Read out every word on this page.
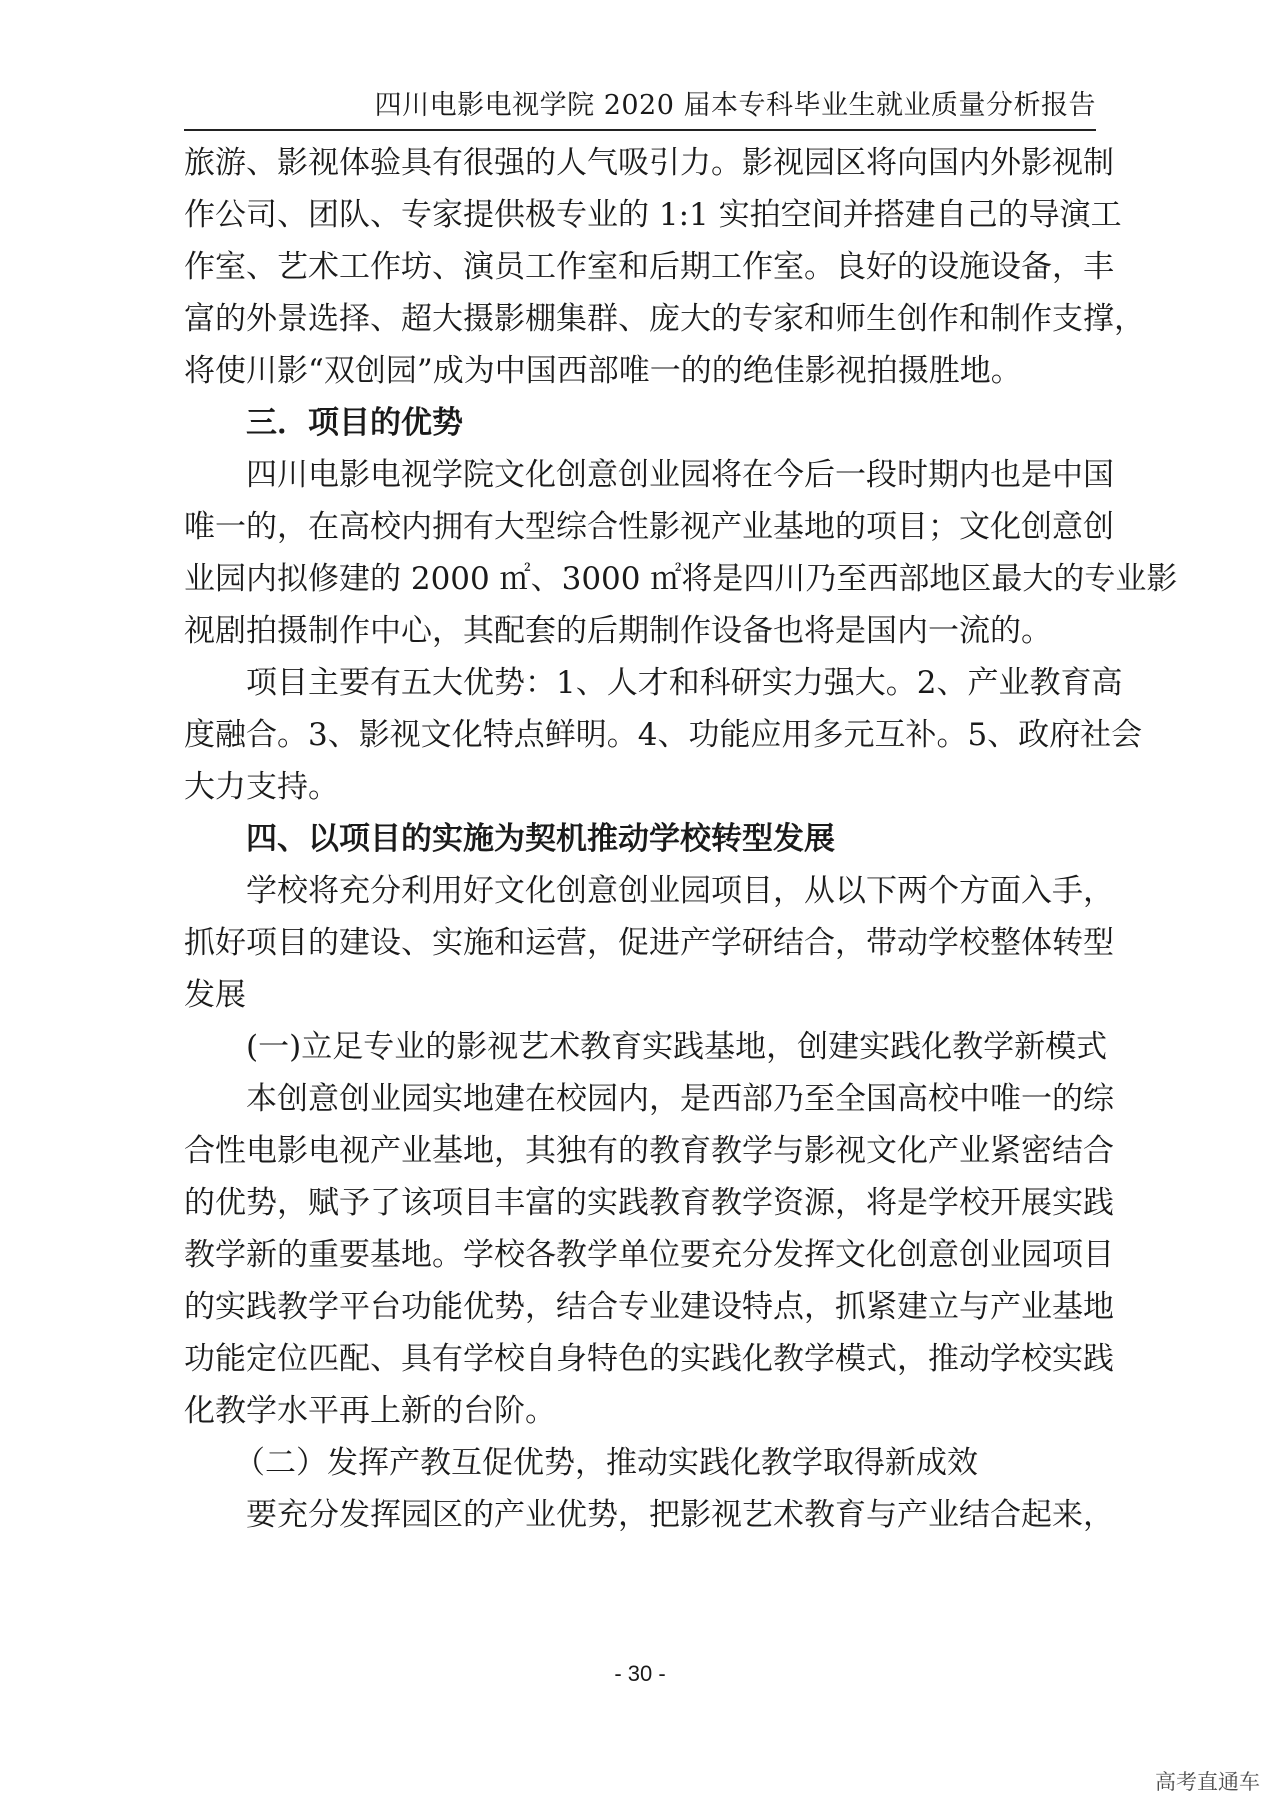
四川电影电视学院 2020 届本专科毕业生就业质量分析报告
旅游、影视体验具有很强的人气吸引力。影视园区将向国内外影视制
作公司、团队、专家提供极专业的 1:1 实拍空间并搭建自己的导演工
作室、艺术工作坊、演员工作室和后期工作室。良好的设施设备，丰
富的外景选择、超大摄影棚集群、庞大的专家和师生创作和制作支撑，
将使川影“双创园”成为中国西部唯一的的绝佳影视拍摄胜地。
三．项目的优势
四川电影电视学院文化创意创业园将在今后一段时期内也是中国
唯一的，在高校内拥有大型综合性影视产业基地的项目；文化创意创
业园内拟修建的 2000 ㎡、3000 ㎡将是四川乃至西部地区最大的专业影
视剧拍摄制作中心，其配套的后期制作设备也将是国内一流的。
项目主要有五大优势：1、人才和科研实力强大。2、产业教育高
度融合。3、影视文化特点鲜明。4、功能应用多元互补。5、政府社会
大力支持。
四、以项目的实施为契机推动学校转型发展
学校将充分利用好文化创意创业园项目，从以下两个方面入手，
抓好项目的建设、实施和运营，促进产学研结合，带动学校整体转型
发展
(一)立足专业的影视艺术教育实践基地，创建实践化教学新模式
本创意创业园实地建在校园内，是西部乃至全国高校中唯一的综
合性电影电视产业基地，其独有的教育教学与影视文化产业紧密结合
的优势，赋予了该项目丰富的实践教育教学资源，将是学校开展实践
教学新的重要基地。学校各教学单位要充分发挥文化创意创业园项目
的实践教学平台功能优势，结合专业建设特点，抓紧建立与产业基地
功能定位匹配、具有学校自身特色的实践化教学模式，推动学校实践
化教学水平再上新的台阶。
（二）发挥产教互促优势，推动实践化教学取得新成效
要充分发挥园区的产业优势，把影视艺术教育与产业结合起来，
- 30 -
高考直通车
